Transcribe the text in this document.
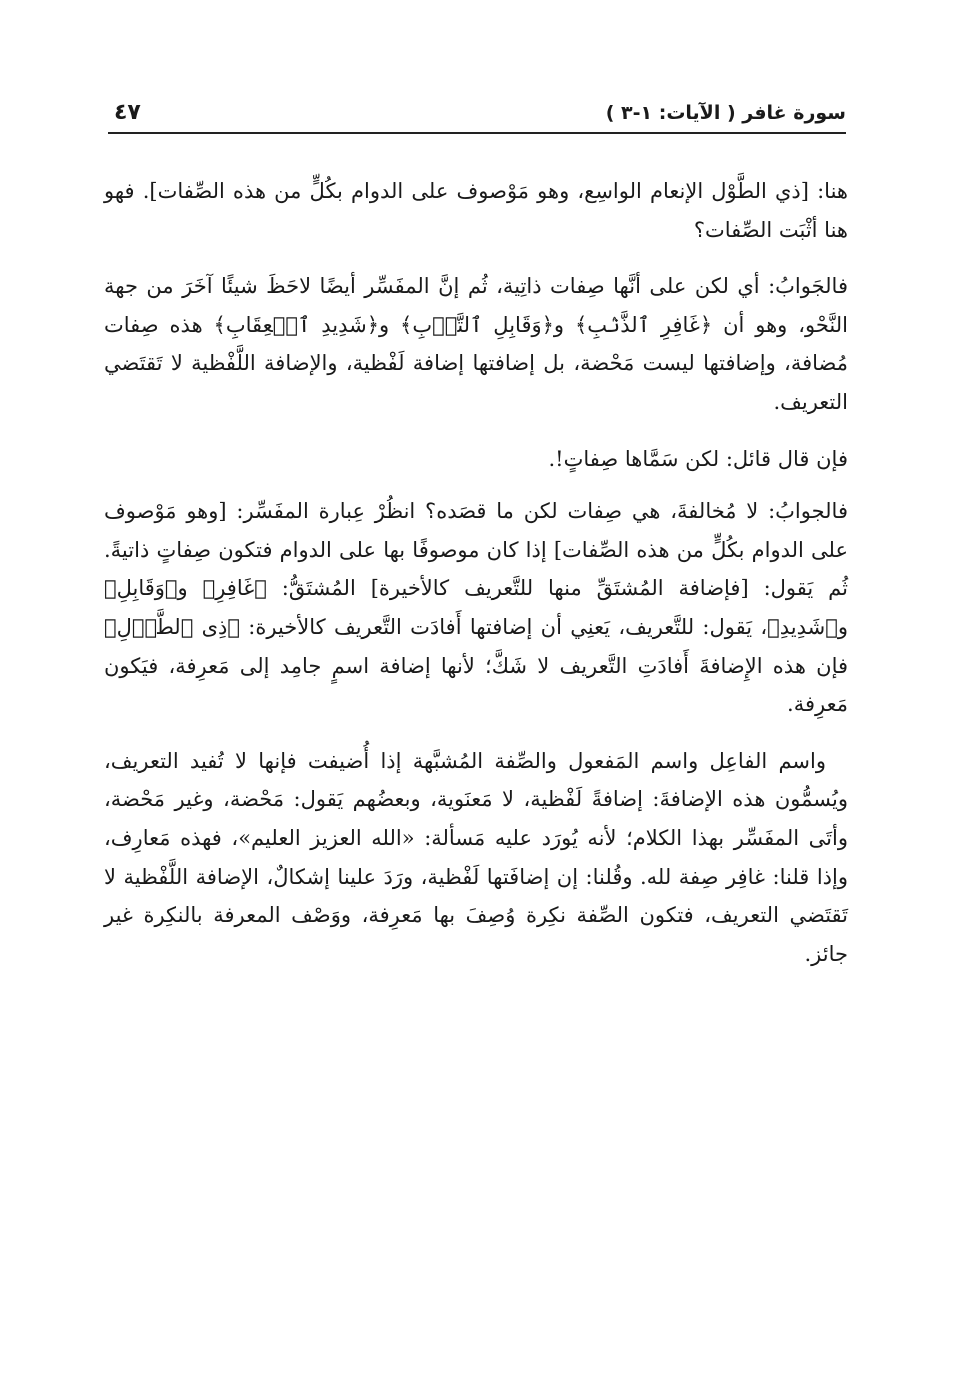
سورة غافر ( الآيات: ١-٣ )
٤٧

هنا: [ذي الطَّوْل الإنعام الواسِع، وهو مَوْصوف على الدوام بكُلٍّ من هذه الصِّفات]. فهو هنا أثْبَت الصِّفات؟

فالجَوابُ: أي لكن على أنَّها صِفات ذاتِية، ثُم إنَّ المفَسِّر أيضًا لاحَظَ شيئًا آخَرَ من جهة النَّحْو، وهو أن ﴿غَافِرِ ٱلذَّنۢبِ﴾ و﴿وَقَابِلِ ٱلتَّوۡبِ﴾ و﴿شَدِيدِ ٱلۡعِقَابِ﴾ هذه صِفات مُضافة، وإضافتها ليست مَحْضة، بل إضافتها إضافة لَفْظية، والإضافة اللَّفْظية لا تَقتَضي التعريف.

فإن قال قائل: لكن سَمَّاها صِفاتٍ!.

فالجوابُ: لا مُخالفةَ، هي صِفات لكن ما قصَده؟ انظُرْ عِبارة المفَسِّر: [وهو مَوْصوف على الدوام بكُلٍّ من هذه الصِّفات] إذا كان موصوفًا بها على الدوام فتكون صِفاتٍ ذاتيةً. ثُم يَقول: [فإضافة المُشتَقِّ منها للتَّعريف كالأخيرة] المُشتَقُّ: ﴿غَافِرِ﴾ و﴿وَقَابِلِ﴾ و﴿شَدِيدِ﴾، يَقول: للتَّعريف، يَعنِي أن إضافتها أَفادَت التَّعريف كالأخيرة: ﴿ذِى ٱلطَّوۡلِ﴾ فإن هذه الإِضافةَ أَفادَتِ التَّعريف لا شَكَّ؛ لأنها إضافة اسمٍ جامِد إلى مَعرِفة، فيَكون مَعرِفة.

واسم الفاعِل واسم المَفعول والصِّفة المُشبَّهة إذا أُضيفت فإنها لا تُفيد التعريف، ويُسمُّون هذه الإضافةَ: إضافةً لَفْظية، لا مَعنَوية، وبعضُهم يَقول: مَحْضة، وغير مَحْضة، وأتَى المفَسِّر بهذا الكلام؛ لأنه يُورَد عليه مَسألة: «الله العزيز العليم»، فهذه مَعارِف، وإذا قلنا: غافِر صِفة لله. وقُلنا: إن إضافَتها لَفْظية، ورَدَ علينا إشكالٌ، الإضافة اللَّفْظية لا تَقتَضي التعريف، فتكون الصِّفة نكِرة وُصِفَ بها مَعرِفة، ووَصْف المعرفة بالنكِرة غير جائز.
